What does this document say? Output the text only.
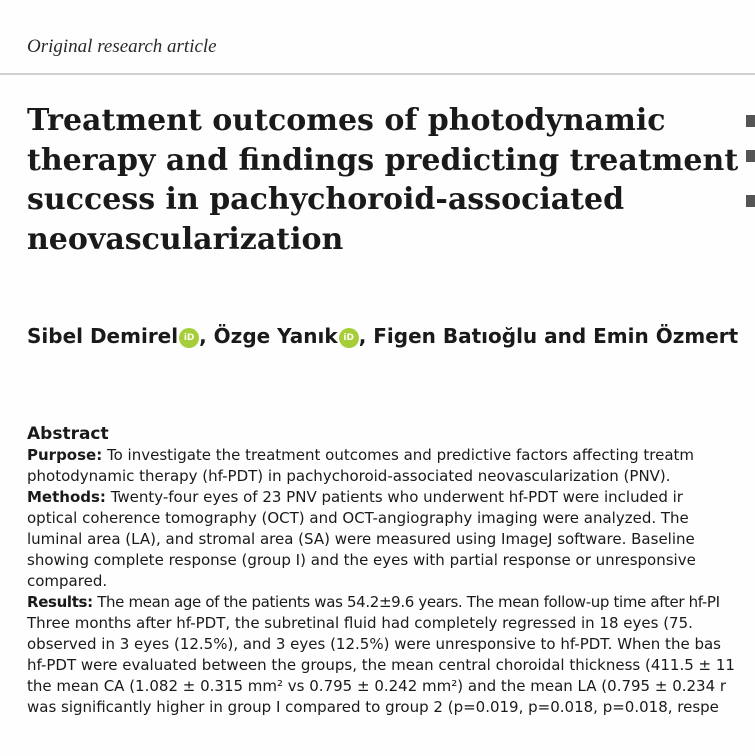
Original research article
Treatment outcomes of photodynamic
therapy and findings predicting treatment
success in pachychoroid-associated
neovascularization
Sibel Demirel iD , Özge Yanık iD , Figen Batıoğlu and Emin Özmert
Abstract
Purpose: To investigate the treatment outcomes and predictive factors affecting treatm
photodynamic therapy (hf-PDT) in pachychoroid-associated neovascularization (PNV).
Methods: Twenty-four eyes of 23 PNV patients who underwent hf-PDT were included ir
optical coherence tomography (OCT) and OCT-angiography imaging were analyzed. The
luminal area (LA), and stromal area (SA) were measured using ImageJ software. Baseline
showing complete response (group I) and the eyes with partial response or unresponsive
compared.
Results: The mean age of the patients was 54.2±9.6 years. The mean follow-up time after hf-PI
Three months after hf-PDT, the subretinal fluid had completely regressed in 18 eyes (75.
observed in 3 eyes (12.5%), and 3 eyes (12.5%) were unresponsive to hf-PDT. When the bas
hf-PDT were evaluated between the groups, the mean central choroidal thickness (411.5 ± 11
the mean CA (1.082 ± 0.315 mm² vs 0.795 ± 0.242 mm²) and the mean LA (0.795 ± 0.234 r
was significantly higher in group I compared to group 2 (p=0.019, p=0.018, p=0.018, respe
